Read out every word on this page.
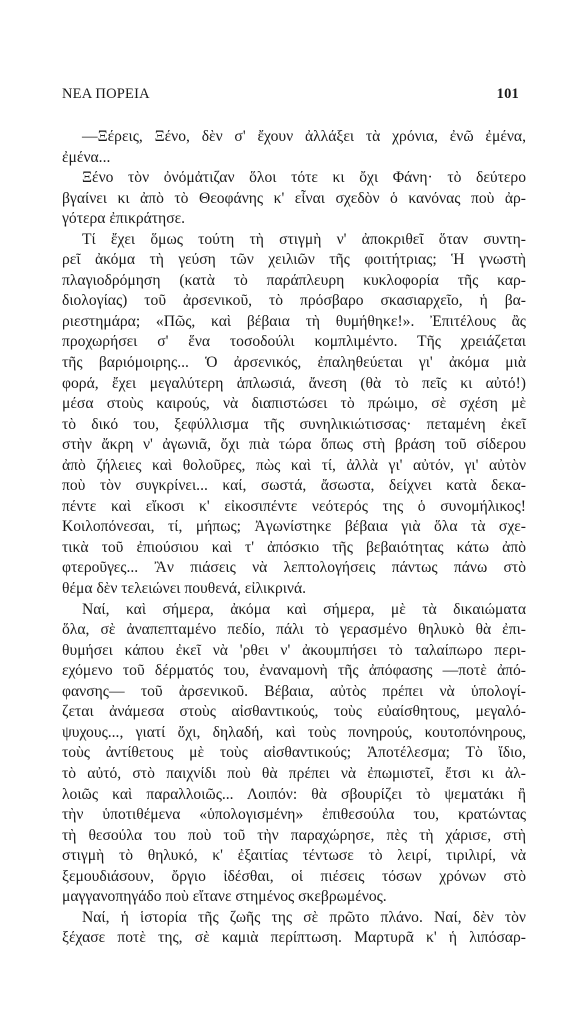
ΝΕΑ ΠΟΡΕΙΑ	101
—Ξέρεις, Ξένο, δὲν σ' ἔχουν ἀλλάξει τὰ χρόνια, ἐνῶ ἐμένα,
ἐμένα...
Ξένο τὸν ὀνόμἀτιζαν ὅλοι τότε κι ὄχι Φάνη· τὸ δεύτερο
βγαίνει κι ἀπὸ τὸ Θεοφάνης κ' εἶναι σχεδὸν ὁ κανόνας ποὺ ἀρ-
γότερα ἐπικράτησε.
Τί ἔχει ὅμως τούτη τὴ στιγμὴ ν' ἀποκριθεῖ ὅταν συντη-
ρεῖ ἀκόμα τὴ γεύση τῶν χειλιῶν τῆς φοιτήτριας; Ἡ γνωστὴ
πλαγιοδρόμηση (κατὰ τὸ παράπλευρη κυκλοφορία τῆς καρ-
διολογίας) τοῦ ἀρσενικοῦ, τὸ πρόσβαρο σκασιαρχεῖο, ἡ βα-
ριεστημάρα; «Πῶς, καὶ βέβαια τὴ θυμήθηκε!». Ἐπιτέλους ἂς
προχωρήσει σ' ἕνα τοσοδούλι κομπλιμέντο. Τῆς χρειάζεται
τῆς βαριόμοιρης... Ὁ ἀρσενικός, ἐπαληθεύεται γι' ἀκόμα μιὰ
φορά, ἔχει μεγαλύτερη ἁπλωσιά, ἄνεση (θὰ τὸ πεῖς κι αὐτό!)
μέσα στοὺς καιρούς, νὰ διαπιστώσει τὸ πρώιμο, σὲ σχέση μὲ
τὸ δικό του, ξεφύλλισμα τῆς συνηλικιώτισσας· πεταμένη ἐκεῖ
στὴν ἄκρη ν' ἀγωνιᾶ, ὄχι πιὰ τώρα ὅπως στὴ βράση τοῦ σίδερου
ἀπὸ ζήλειες καὶ θολοῦρες, πὼς καὶ τί, ἀλλὰ γι' αὐτόν, γι' αὐτὸν
ποὺ τὸν συγκρίνει... καί, σωστά, ἄσωστα, δείχνει κατὰ δεκα-
πέντε καὶ εἴκοσι κ' εἰκοσιπέντε νεότερός της ὁ συνομήλικος!
Κοιλοπόνεσαι, τί, μήπως; Ἀγωνίστηκε βέβαια γιὰ ὅλα τὰ σχε-
τικὰ τοῦ ἐπιούσιου καὶ τ' ἀπόσκιο τῆς βεβαιότητας κάτω ἀπὸ
φτεροῦγες... Ἂν πιάσεις νὰ λεπτολογήσεις πάντως πάνω στὸ
θέμα δὲν τελειώνει πουθενά, εἰλικρινά.
Ναί, καὶ σήμερα, ἀκόμα καὶ σήμερα, μὲ τὰ δικαιώματα
ὅλα, σὲ ἀναπεπταμένο πεδίο, πάλι τὸ γερασμένο θηλυκὸ θὰ ἐπι-
θυμήσει κάπου ἐκεῖ νὰ 'ρθει ν' ἀκουμπήσει τὸ ταλαίπωρο περι-
εχόμενο τοῦ δέρματός του, ἐναναμονὴ τῆς ἀπόφασης —ποτὲ ἀπό-
φανσης— τοῦ ἀρσενικοῦ. Βέβαια, αὐτὸς πρέπει νὰ ὑπολογί-
ζεται ἀνάμεσα στοὺς αἰσθαντικούς, τοὺς εὐαίσθητους, μεγαλό-
ψυχους..., γιατί ὄχι, δηλαδή, καὶ τοὺς πονηρούς, κουτοπόνηρους,
τοὺς ἀντίθετους μὲ τοὺς αἰσθαντικούς; Ἀποτέλεσμα; Τὸ ἴδιο,
τὸ αὐτό, στὸ παιχνίδι ποὺ θὰ πρέπει νὰ ἐπωμιστεῖ, ἔτσι κι ἀλ-
λοιῶς καὶ παραλλοιῶς... Λοιπόν: θὰ σβουρίζει τὸ ψεματάκι ἢ
τὴν ὑποτιθέμενα «ὑπολογισμένη» ἐπιθεσούλα του, κρατώντας
τὴ θεσούλα του ποὺ τοῦ τὴν παραχώρησε, πὲς τὴ χάρισε, στὴ
στιγμὴ τὸ θηλυκό, κ' ἐξαιτίας τέντωσε τὸ λειρί, τιριλιρί, νὰ
ξεμουδιάσουν, ὄργιο ἰδέσθαι, οἱ πιέσεις τόσων χρόνων στὸ
μαγγανοπηγάδο ποὺ εἴτανε στημένος σκεβρωμένος.
Ναί, ἡ ἱστορία τῆς ζωῆς της σὲ πρῶτο πλάνο. Ναί, δὲν τὸν
ξέχασε ποτὲ της, σὲ καμιὰ περίπτωση. Μαρτυρᾶ κ' ἡ λιπόσαρ-
